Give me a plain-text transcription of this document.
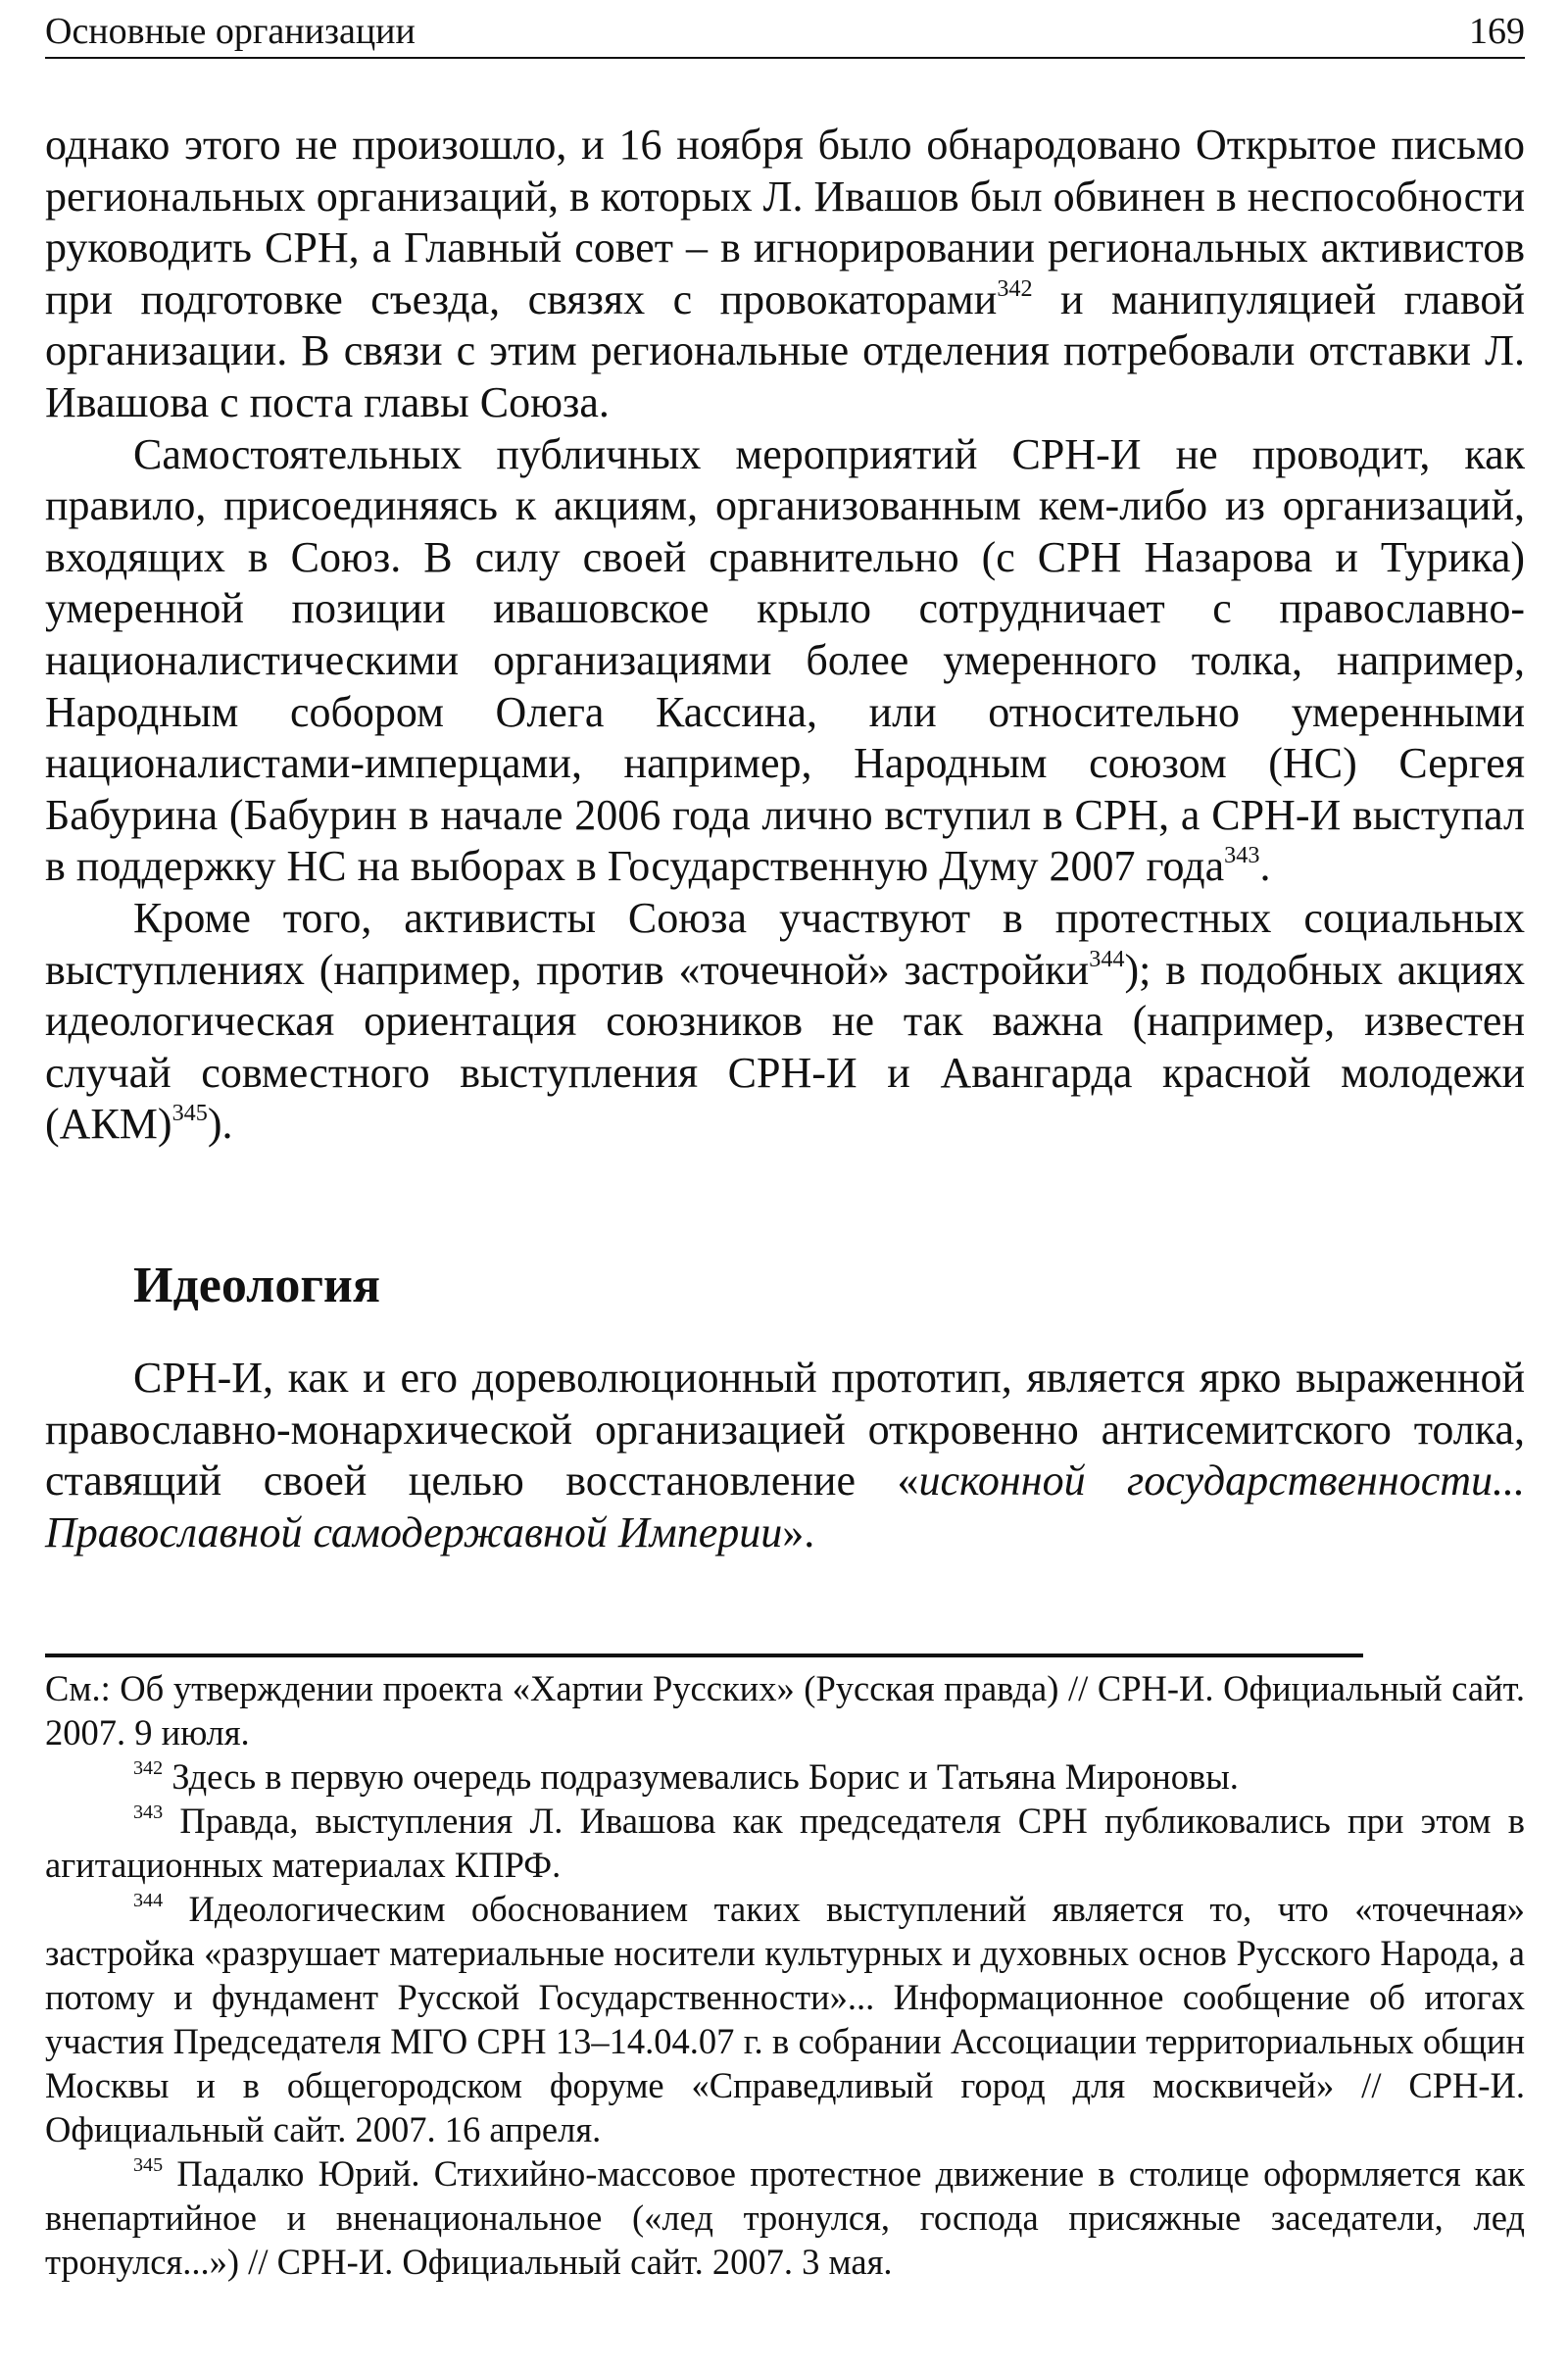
Основные организации	169

однако этого не произошло, и 16 ноября было обнародовано Открытое письмо региональных организаций, в которых Л. Ивашов был обвинен в неспособности руководить СРН, а Главный совет – в игнорировании региональных активистов при подготовке съезда, связях с провокаторами$^{342}$ и манипуляцией главой организации. В связи с этим региональные отделения потребовали отставки Л. Ивашова с поста главы Союза.

Самостоятельных публичных мероприятий СРН-И не проводит, как правило, присоединяясь к акциям, организованным кем-либо из организаций, входящих в Союз. В силу своей сравнительно (с СРН Назарова и Турика) умеренной позиции ивашовское крыло сотрудничает с православно-националистическими организациями более умеренного толка, например, Народным собором Олега Кассина, или относительно умеренными националистами-имперцами, например, Народным союзом (НС) Сергея Бабурина (Бабурин в начале 2006 года лично вступил в СРН, а СРН-И выступал в поддержку НС на выборах в Государственную Думу 2007 года$^{343}$.

Кроме того, активисты Союза участвуют в протестных социальных выступлениях (например, против «точечной» застройки$^{344}$); в подобных акциях идеологическая ориентация союзников не так важна (например, известен случай совместного выступления СРН-И и Авангарда красной молодежи (АКМ)$^{345}$).

Идеология

СРН-И, как и его дореволюционный прототип, является ярко выраженной православно-монархической организацией откровенно антисемитского толка, ставящий своей целью восстановление «исконной государственности... Православной самодержавной Империи».

См.: Об утверждении проекта «Хартии Русских» (Русская правда) // СРН-И. Официальный сайт. 2007. 9 июля.

$^{342}$ Здесь в первую очередь подразумевались Борис и Татьяна Мироновы.

$^{343}$ Правда, выступления Л. Ивашова как председателя СРН публиковались при этом в агитационных материалах КПРФ.

$^{344}$ Идеологическим обоснованием таких выступлений является то, что «точечная» застройка «разрушает материальные носители культурных и духовных основ Русского Народа, а потому и фундамент Русской Государственности»... Информационное сообщение об итогах участия Председателя МГО СРН 13–14.04.07 г. в собрании Ассоциации территориальных общин Москвы и в общегородском форуме «Справедливый город для москвичей» // СРН-И. Официальный сайт. 2007. 16 апреля.

$^{345}$ Падалко Юрий. Стихийно-массовое протестное движение в столице оформляется как внепартийное и вненациональное («лед тронулся, господа присяжные заседатели, лед тронулся...») // СРН-И. Официальный сайт. 2007. 3 мая.
